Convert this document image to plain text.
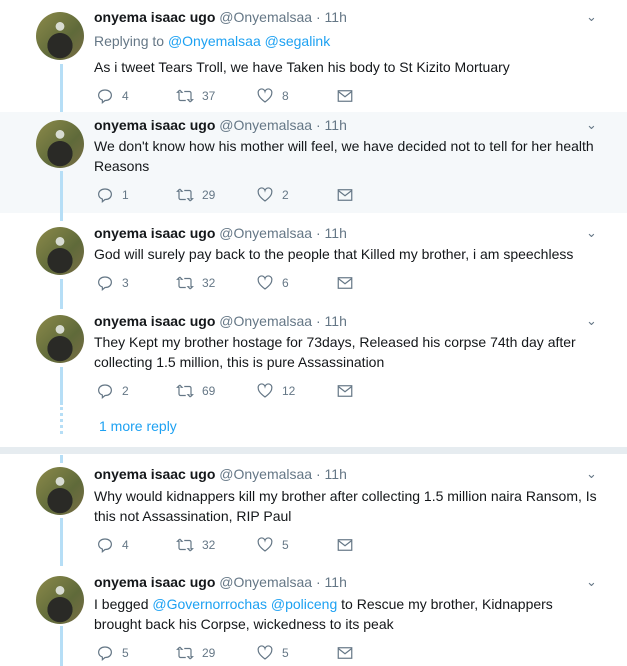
onyema isaac ugo @Onyemalsaa · 11h	⌄
Replying to @Onyemalsaa @segalink
As i tweet Tears Troll, we have Taken his body to St Kizito Mortuary
4	37	8
onyema isaac ugo @Onyemalsaa · 11h	⌄
We don't know how his mother will feel, we have decided not to tell for her health Reasons
1	29	2
onyema isaac ugo @Onyemalsaa · 11h	⌄
God will surely pay back to the people that Killed my brother, i am speechless
3	32	6
onyema isaac ugo @Onyemalsaa · 11h	⌄
They Kept my brother hostage for 73days, Released his corpse 74th day after collecting 1.5 million, this is pure Assassination
2	69	12
onyema isaac ugo @Onyemalsaa · 11h	⌄
Why would kidnappers kill my brother after collecting 1.5 million naira Ransom, Is this not Assassination, RIP Paul
4	32	5
onyema isaac ugo @Onyemalsaa · 11h	⌄
I begged @Governorrochas @policeng to Rescue my brother, Kidnappers brought back his Corpse, wickedness to its peak
5	29	5
1 more reply
